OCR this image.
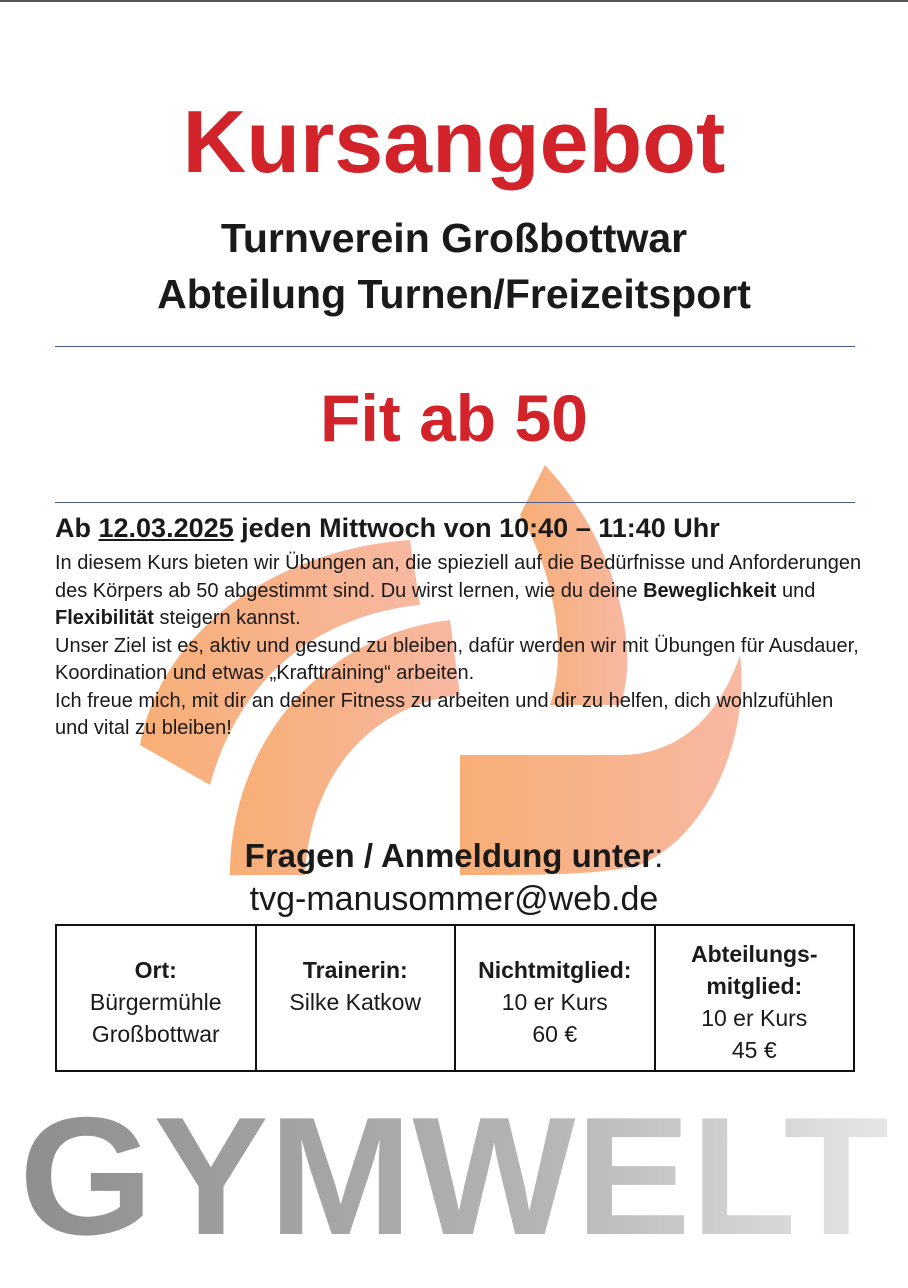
Kursangebot
Turnverein Großbottwar
Abteilung Turnen/Freizeitsport
Fit ab 50
Ab 12.03.2025 jeden Mittwoch von 10:40 – 11:40 Uhr

In diesem Kurs bieten wir Übungen an, die spieziell auf die Bedürfnisse und Anforderungen des Körpers ab 50 abgestimmt sind. Du wirst lernen, wie du deine Beweglichkeit und Flexibilität steigern kannst.

Unser Ziel ist es, aktiv und gesund zu bleiben, dafür werden wir mit Übungen für Ausdauer, Koordination und etwas „Krafttraining“ arbeiten.

Ich freue mich, mit dir an deiner Fitness zu arbeiten und dir zu helfen, dich wohlzufühlen und vital zu bleiben!

Fragen / Anmeldung unter:
tvg-manusommer@web.de
Ort:
Bürgermühle
Großbottwar

Trainerin:
Silke Katkow

Nichtmitglied:
10 er Kurs
60 €

Abteilungs-
mitglied:
10 er Kurs
45 €
GYMWELT
